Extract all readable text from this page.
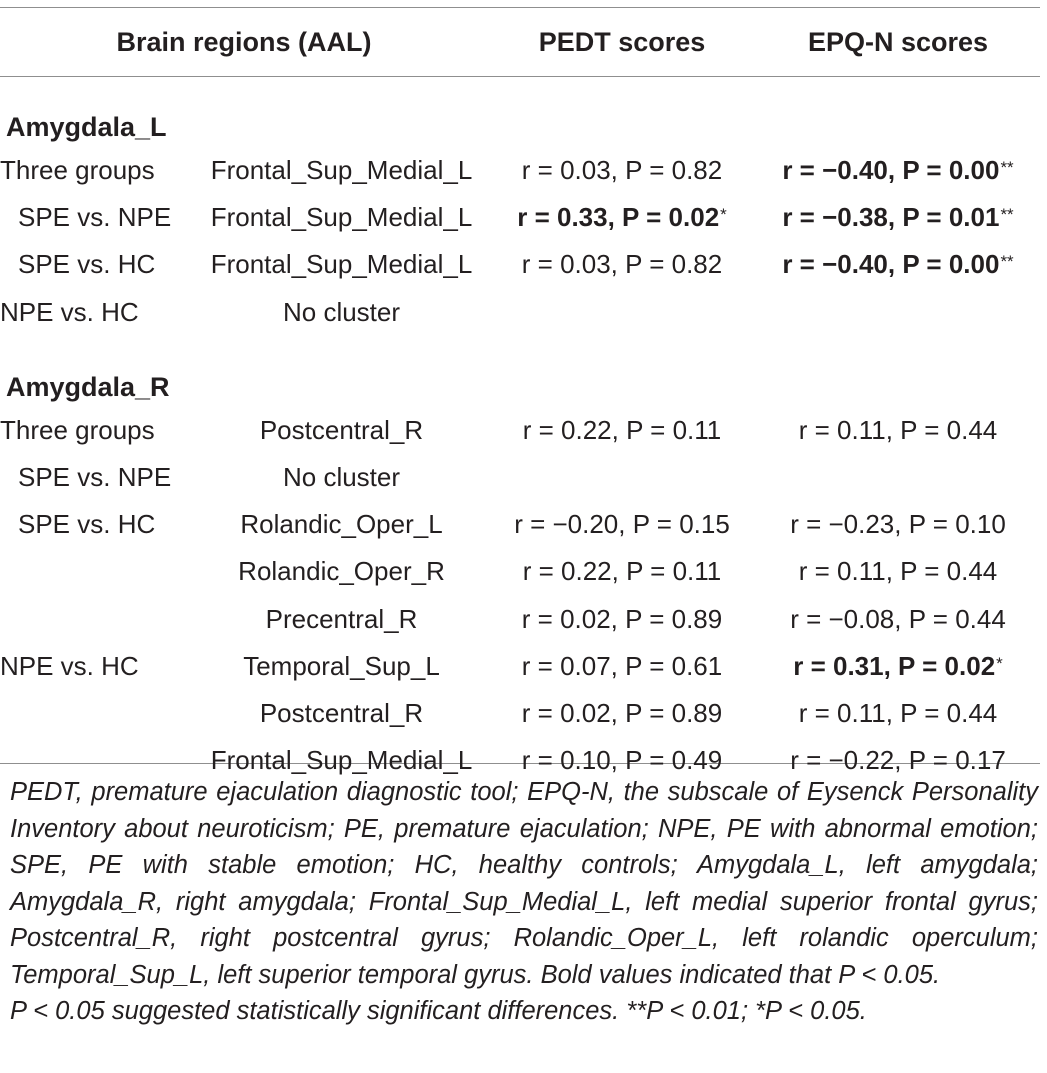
Brain regions (AAL)		PEDT scores	EPQ-N scores
Amygdala_L			
Three groups	Frontal_Sup_Medial_L	r = 0.03, P = 0.82	r = −0.40, P = 0.00**
SPE vs. NPE	Frontal_Sup_Medial_L	r = 0.33, P = 0.02*	r = −0.38, P = 0.01**
SPE vs. HC	Frontal_Sup_Medial_L	r = 0.03, P = 0.82	r = −0.40, P = 0.00**
NPE vs. HC	No cluster		
Amygdala_R			
Three groups	Postcentral_R	r = 0.22, P = 0.11	r = 0.11, P = 0.44
SPE vs. NPE	No cluster		
SPE vs. HC	Rolandic_Oper_L	r = −0.20, P = 0.15	r = −0.23, P = 0.10
	Rolandic_Oper_R	r = 0.22, P = 0.11	r = 0.11, P = 0.44
	Precentral_R	r = 0.02, P = 0.89	r = −0.08, P = 0.44
NPE vs. HC	Temporal_Sup_L	r = 0.07, P = 0.61	r = 0.31, P = 0.02*
	Postcentral_R	r = 0.02, P = 0.89	r = 0.11, P = 0.44
	Frontal_Sup_Medial_L	r = 0.10, P = 0.49	r = −0.22, P = 0.17

PEDT, premature ejaculation diagnostic tool; EPQ-N, the subscale of Eysenck Personality Inventory about neuroticism; PE, premature ejaculation; NPE, PE with abnormal emotion; SPE, PE with stable emotion; HC, healthy controls; Amygdala_L, left amygdala; Amygdala_R, right amygdala; Frontal_Sup_Medial_L, left medial superior frontal gyrus; Postcentral_R, right postcentral gyrus; Rolandic_Oper_L, left rolandic operculum; Temporal_Sup_L, left superior temporal gyrus. Bold values indicated that P < 0.05.

P < 0.05 suggested statistically significant differences. **P < 0.01; *P < 0.05.
